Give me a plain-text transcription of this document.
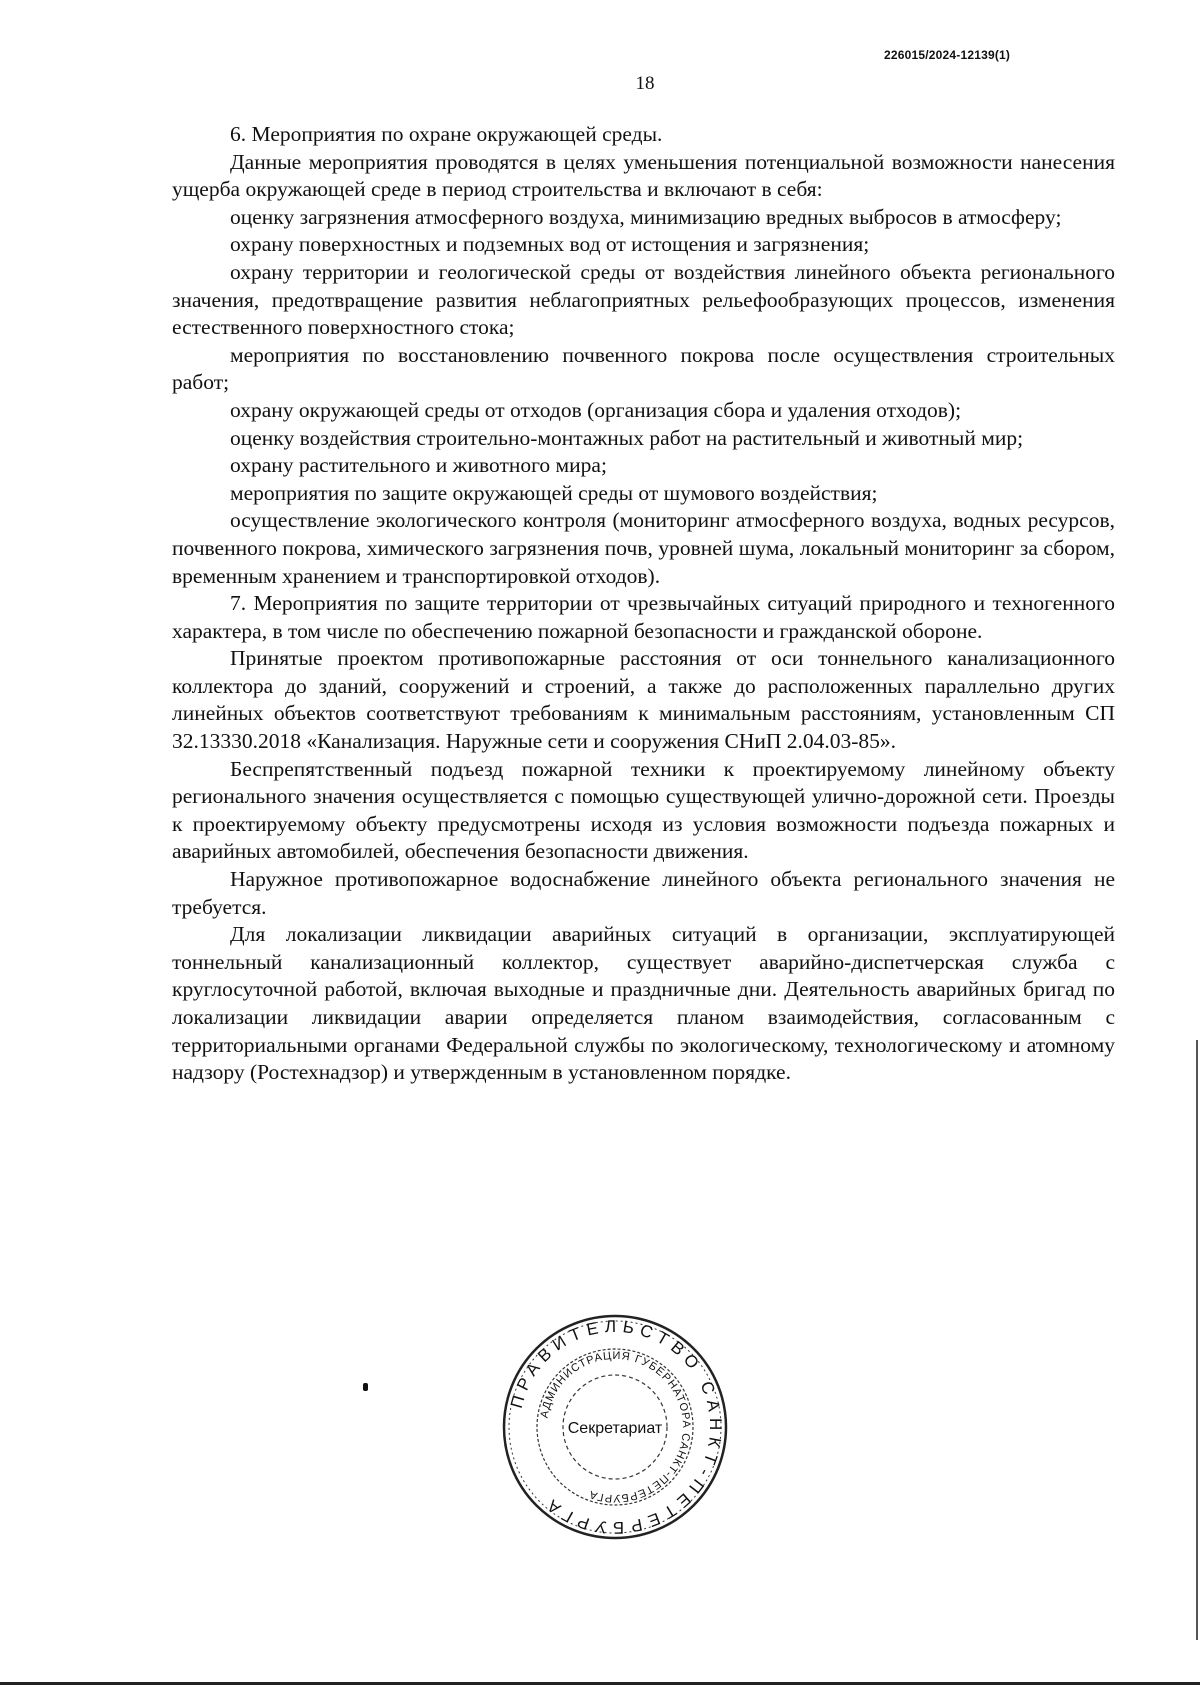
226015/2024-12139(1)
18

6. Мероприятия по охране окружающей среды.

Данные мероприятия проводятся в целях уменьшения потенциальной возможности нанесения ущерба окружающей среде в период строительства и включают в себя:

оценку загрязнения атмосферного воздуха, минимизацию вредных выбросов в атмосферу;

охрану поверхностных и подземных вод от истощения и загрязнения;

охрану территории и геологической среды от воздействия линейного объекта регионального значения, предотвращение развития неблагоприятных рельефообразующих процессов, изменения естественного поверхностного стока;

мероприятия по восстановлению почвенного покрова после осуществления строительных работ;

охрану окружающей среды от отходов (организация сбора и удаления отходов);

оценку воздействия строительно-монтажных работ на растительный и животный мир;

охрану растительного и животного мира;

мероприятия по защите окружающей среды от шумового воздействия;

осуществление экологического контроля (мониторинг атмосферного воздуха, водных ресурсов, почвенного покрова, химического загрязнения почв, уровней шума, локальный мониторинг за сбором, временным хранением и транспортировкой отходов).

7. Мероприятия по защите территории от чрезвычайных ситуаций природного и техногенного характера, в том числе по обеспечению пожарной безопасности и гражданской обороне.

Принятые проектом противопожарные расстояния от оси тоннельного канализационного коллектора до зданий, сооружений и строений, а также до расположенных параллельно других линейных объектов соответствуют требованиям к минимальным расстояниям, установленным СП 32.13330.2018 «Канализация. Наружные сети и сооружения СНиП 2.04.03-85».

Беспрепятственный подъезд пожарной техники к проектируемому линейному объекту регионального значения осуществляется с помощью существующей улично-дорожной сети. Проезды к проектируемому объекту предусмотрены исходя из условия возможности подъезда пожарных и аварийных автомобилей, обеспечения безопасности движения.

Наружное противопожарное водоснабжение линейного объекта регионального значения не требуется.

Для локализации ликвидации аварийных ситуаций в организации, эксплуатирующей тоннельный канализационный коллектор, существует аварийно-диспетчерская служба с круглосуточной работой, включая выходные и праздничные дни. Деятельность аварийных бригад по локализации ликвидации аварии определяется планом взаимодействия, согласованным с территориальными органами Федеральной службы по экологическому, технологическому и атомному надзору (Ростехнадзор) и утвержденным в установленном порядке.

ПРАВИТЕЛЬСТВО САНКТ-ПЕТЕРБУРГА
АДМИНИСТРАЦИЯ ГУБЕРНАТОРА САНКТ-ПЕТЕРБУРГА
Секретариат
